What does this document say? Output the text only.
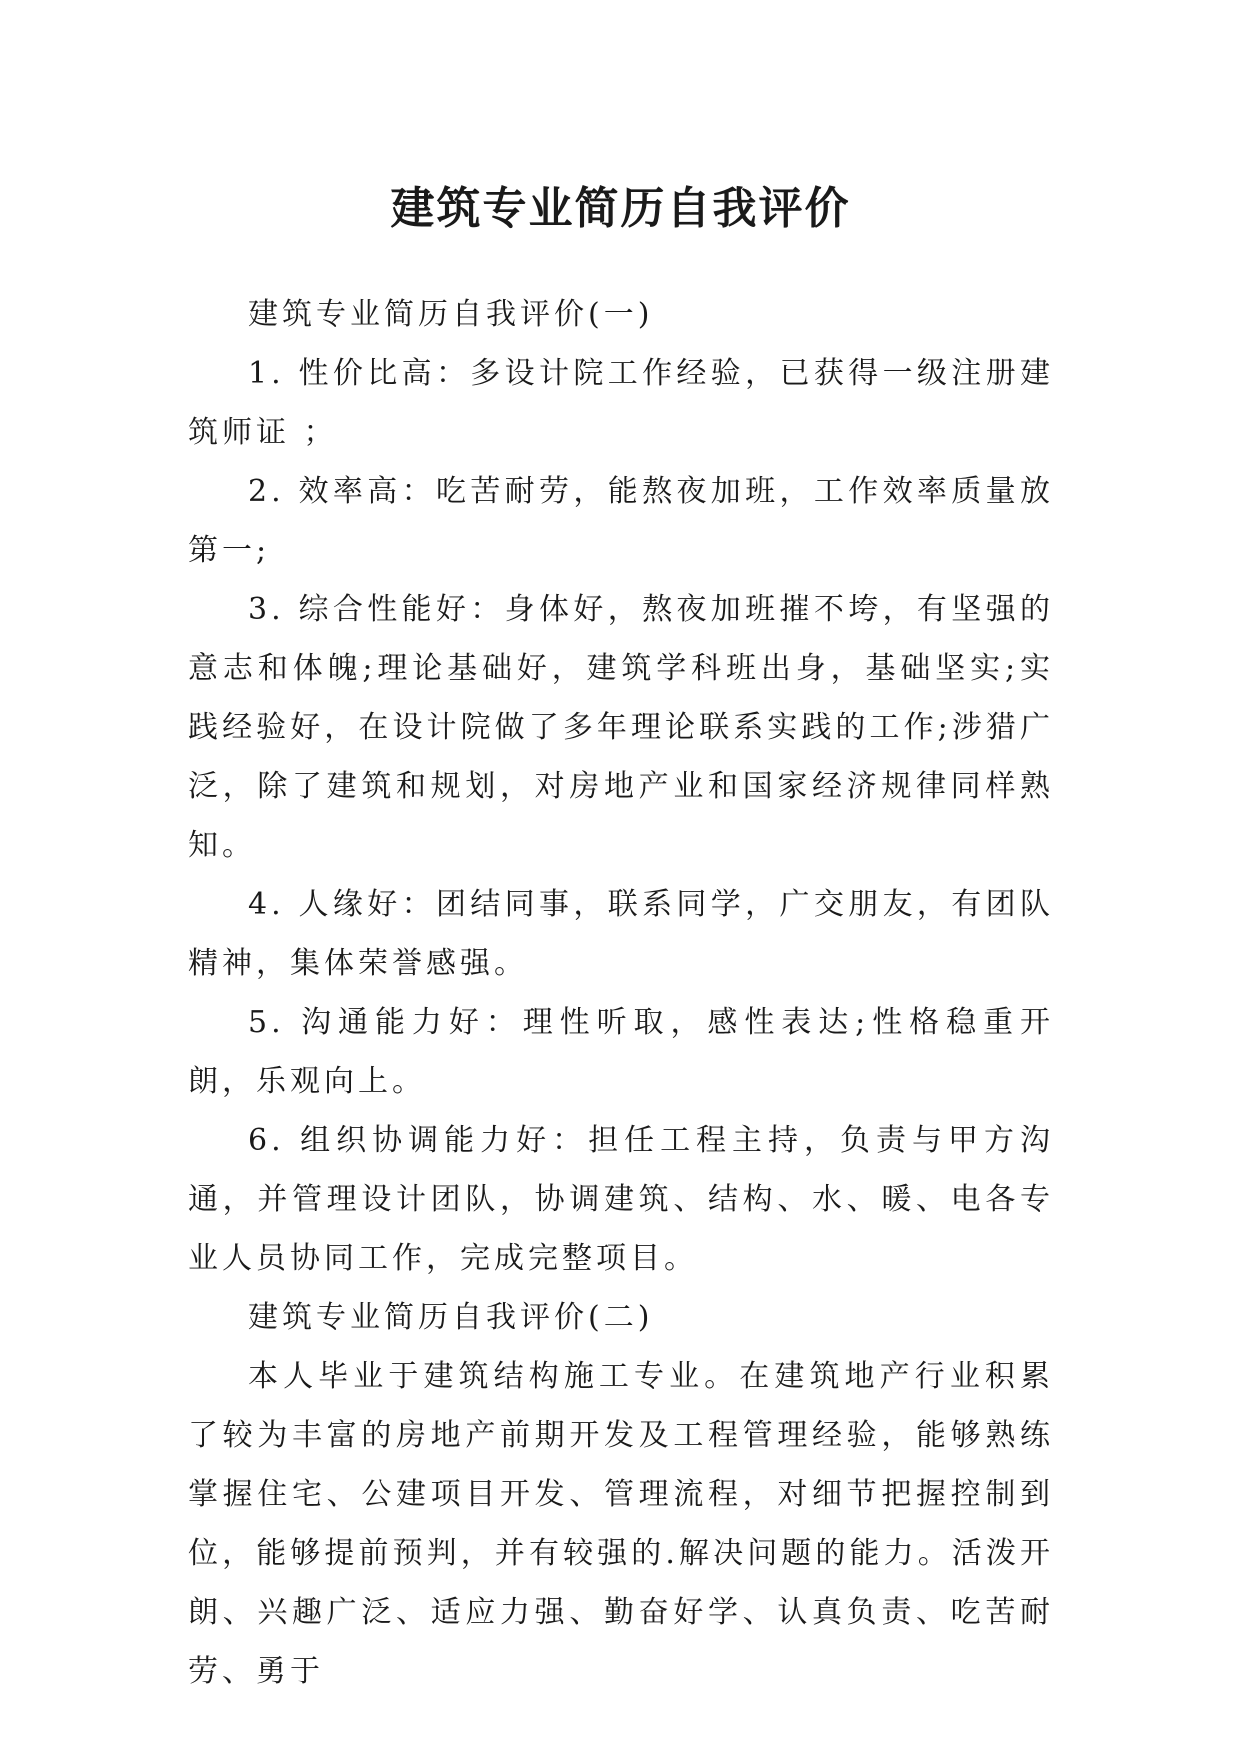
建筑专业简历自我评价

建筑专业简历自我评价(一)

1. 性价比高：多设计院工作经验，已获得一级注册建筑师证 ；

2. 效率高：吃苦耐劳，能熬夜加班，工作效率质量放第一;

3. 综合性能好：身体好，熬夜加班摧不垮，有坚强的意志和体魄;理论基础好，建筑学科班出身，基础坚实;实践经验好，在设计院做了多年理论联系实践的工作;涉猎广泛，除了建筑和规划，对房地产业和国家经济规律同样熟知。

4. 人缘好：团结同事，联系同学，广交朋友，有团队精神，集体荣誉感强。

5. 沟通能力好：理性听取，感性表达;性格稳重开朗，乐观向上。

6. 组织协调能力好：担任工程主持，负责与甲方沟通，并管理设计团队，协调建筑、结构、水、暖、电各专业人员协同工作，完成完整项目。

建筑专业简历自我评价(二)

本人毕业于建筑结构施工专业。在建筑地产行业积累了较为丰富的房地产前期开发及工程管理经验，能够熟练掌握住宅、公建项目开发、管理流程，对细节把握控制到位，能够提前预判，并有较强的.解决问题的能力。活泼开朗、兴趣广泛、适应力强、勤奋好学、认真负责、吃苦耐劳、勇于
